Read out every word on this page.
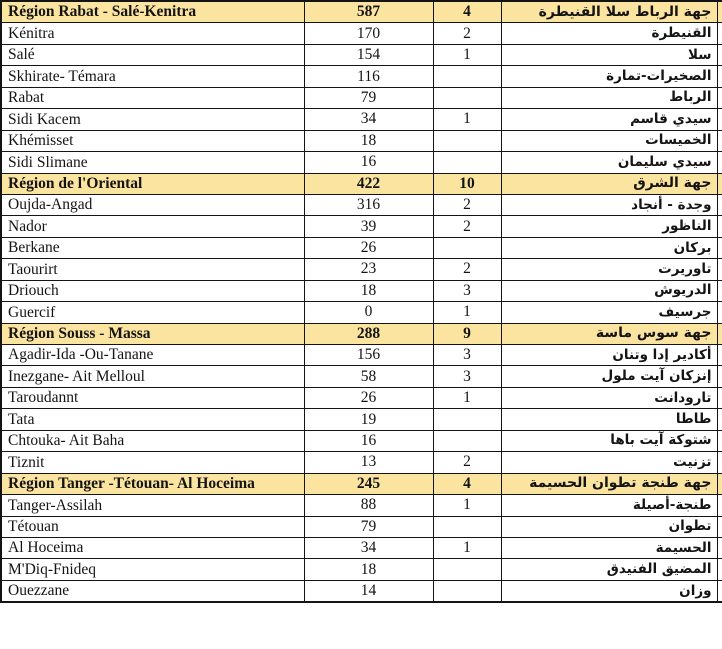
Région Rabat - Salé-Kenitra	587	4	جهة الرباط سلا القنيطرة	
Kénitra	170	2	القنيطرة	
Salé	154	1	سلا	
Skhirate- Témara	116		الصخيرات-تمارة	
Rabat	79		الرباط	
Sidi Kacem	34	1	سيدي قاسم	
Khémisset	18		الخميسات	
Sidi Slimane	16		سيدي سليمان	
Région de l'Oriental	422	10	جهة الشرق	
Oujda-Angad	316	2	وجدة - أنجاد	
Nador	39	2	الناظور	
Berkane	26		بركان	
Taourirt	23	2	تاوريرت	
Driouch	18	3	الدريوش	
Guercif	0	1	جرسيف	
Région Souss - Massa	288	9	جهة سوس ماسة	
Agadir-Ida -Ou-Tanane	156	3	أكادير إدا وتنان	
Inezgane- Ait Melloul	58	3	إنزكان آيت ملول	
Taroudannt	26	1	تارودانت	
Tata	19		طاطا	
Chtouka- Ait Baha	16		شتوكة آيت باها	
Tiznit	13	2	تزنيت	
Région Tanger -Tétouan- Al Hoceima	245	4	جهة طنجة تطوان الحسيمة	
Tanger-Assilah	88	1	طنجة-أصيلة	
Tétouan	79		تطوان	
Al Hoceima	34	1	الحسيمة	
M'Diq-Fnideq	18		المضيق الفنيدق	
Ouezzane	14		وزان	
